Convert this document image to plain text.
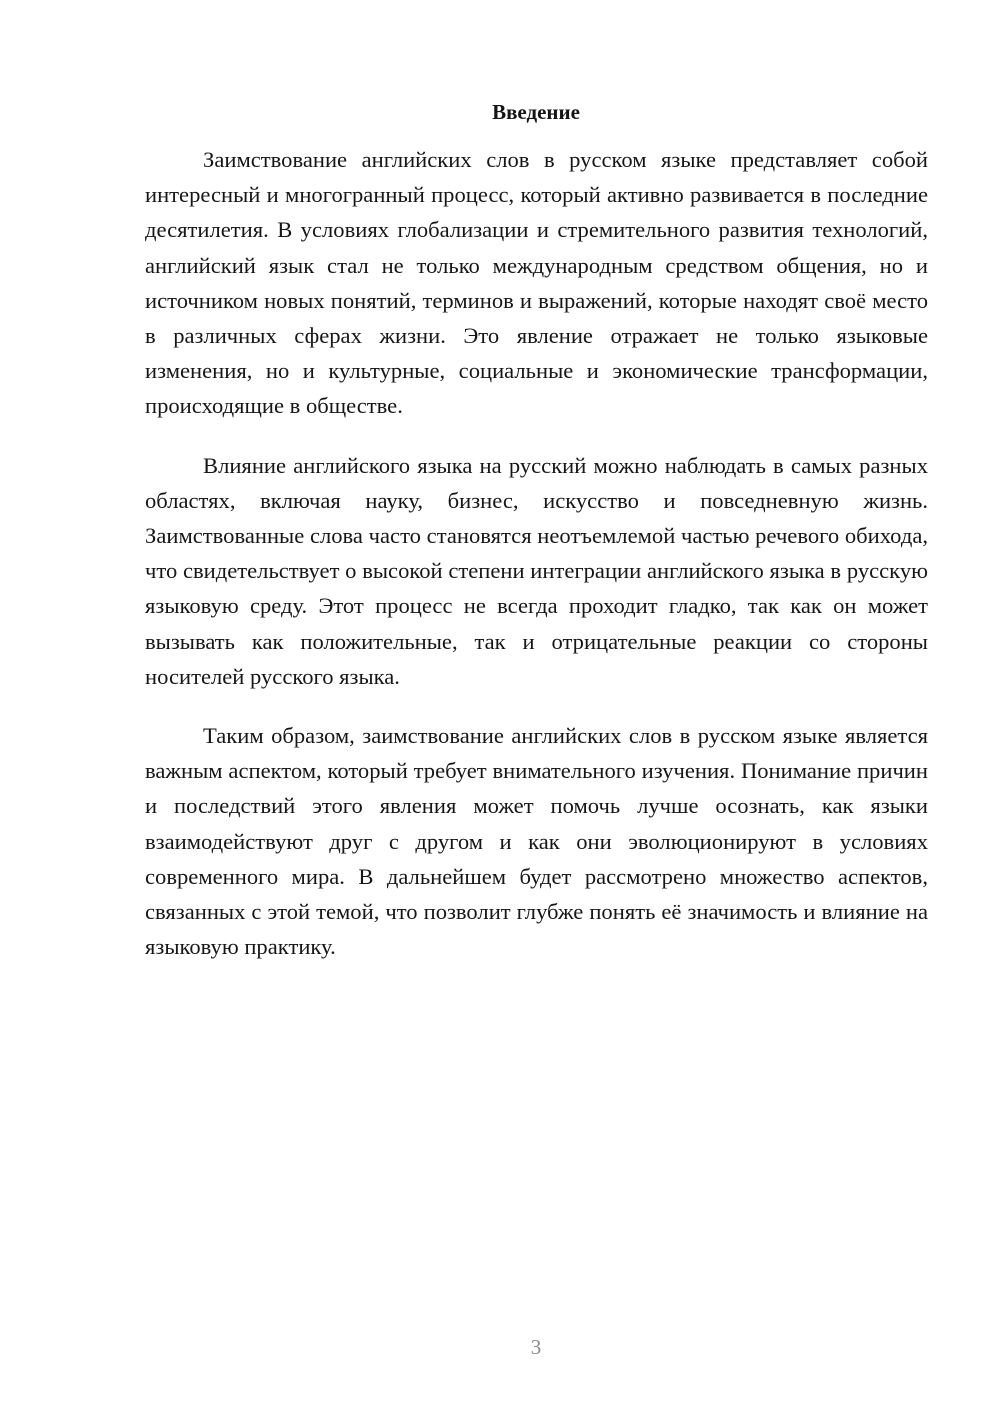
Введение

Заимствование английских слов в русском языке представляет собой интересный и многогранный процесс, который активно развивается в последние десятилетия. В условиях глобализации и стремительного развития технологий, английский язык стал не только международным средством общения, но и источником новых понятий, терминов и выражений, которые находят своё место в различных сферах жизни. Это явление отражает не только языковые изменения, но и культурные, социальные и экономические трансформации, происходящие в обществе.

Влияние английского языка на русский можно наблюдать в самых разных областях, включая науку, бизнес, искусство и повседневную жизнь. Заимствованные слова часто становятся неотъемлемой частью речевого обихода, что свидетельствует о высокой степени интеграции английского языка в русскую языковую среду. Этот процесс не всегда проходит гладко, так как он может вызывать как положительные, так и отрицательные реакции со стороны носителей русского языка.

Таким образом, заимствование английских слов в русском языке является важным аспектом, который требует внимательного изучения. Понимание причин и последствий этого явления может помочь лучше осознать, как языки взаимодействуют друг с другом и как они эволюционируют в условиях современного мира. В дальнейшем будет рассмотрено множество аспектов, связанных с этой темой, что позволит глубже понять её значимость и влияние на языковую практику.

3
